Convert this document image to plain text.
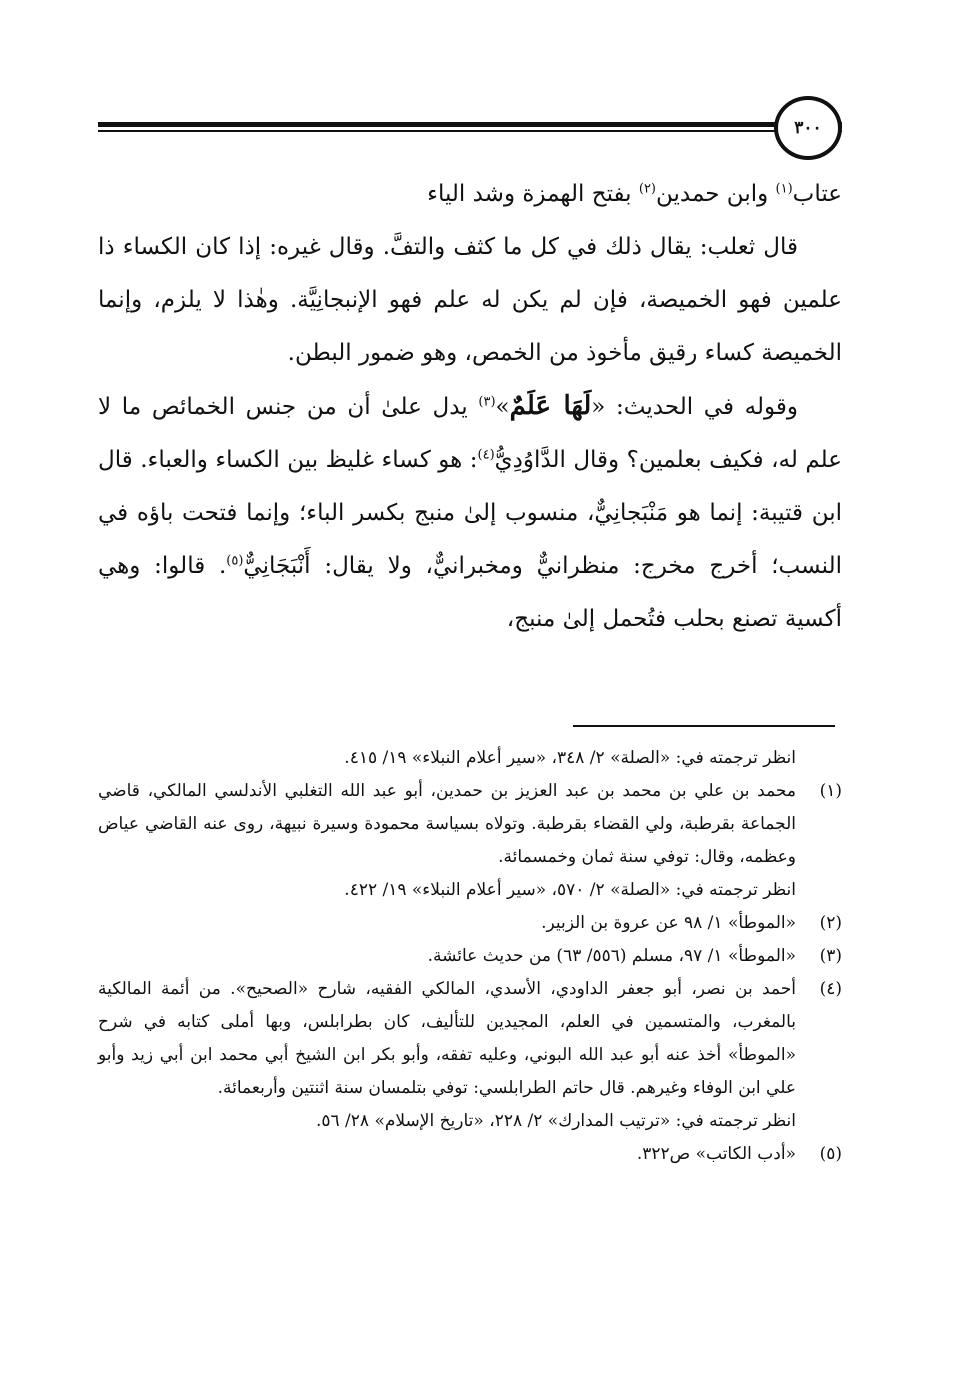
٣٠٠

عتاب$^{(١)}$ وابن حمدين$^{(٢)}$ بفتح الهمزة وشد الياء

قال ثعلب: يقال ذلك في كل ما كثف والتفَّ. وقال غيره: إذا كان الكساء ذا علمين فهو الخميصة، فإن لم يكن له علم فهو الإنبجانِيَّة. وهٰذا لا يلزم، وإنما الخميصة كساء رقيق مأخوذ من الخمص، وهو ضمور البطن.

وقوله في الحديث: «لَهَا عَلَمٌ»$^{(٣)}$ يدل علىٰ أن من جنس الخمائص ما لا علم له، فكيف بعلمين؟ وقال الدَّاوُدِيُّ$^{(٤)}$: هو كساء غليظ بين الكساء والعباء. قال ابن قتيبة: إنما هو مَنْبَجانِيٌّ، منسوب إلىٰ منبج بكسر الباء؛ وإنما فتحت باؤه في النسب؛ أخرج مخرج: منظرانيٌّ ومخبرانيٌّ، ولا يقال: أَنْبَجَانِيٌّ$^{(٥)}$. قالوا: وهي أكسية تصنع بحلب فتُحمل إلىٰ منبج،

انظر ترجمته في: «الصلة» ٢/ ٣٤٨، «سير أعلام النبلاء» ١٩/ ٤١٥.

(١)

محمد بن علي بن محمد بن عبد العزيز بن حمدين، أبو عبد الله التغلبي الأندلسي المالكي، قاضي الجماعة بقرطبة، ولي القضاء بقرطبة. وتولاه بسياسة محمودة وسيرة نبيهة، روى عنه القاضي عياض وعظمه، وقال: توفي سنة ثمان وخمسمائة.

انظر ترجمته في: «الصلة» ٢/ ٥٧٠، «سير أعلام النبلاء» ١٩/ ٤٢٢.

(٢)

«الموطأ» ١/ ٩٨ عن عروة بن الزبير.

(٣)

«الموطأ» ١/ ٩٧، مسلم (٥٥٦/ ٦٣) من حديث عائشة.

(٤)

أحمد بن نصر، أبو جعفر الداودي، الأسدي، المالكي الفقيه، شارح «الصحيح». من أئمة المالكية بالمغرب، والمتسمين في العلم، المجيدين للتأليف، كان بطرابلس، وبها أملى كتابه في شرح «الموطأ» أخذ عنه أبو عبد الله البوني، وعليه تفقه، وأبو بكر ابن الشيخ أبي محمد ابن أبي زيد وأبو علي ابن الوفاء وغيرهم. قال حاتم الطرابلسي: توفي بتلمسان سنة اثنتين وأربعمائة.

انظر ترجمته في: «ترتيب المدارك» ٢/ ٢٢٨، «تاريخ الإسلام» ٢٨/ ٥٦.

(٥)

«أدب الكاتب» ص٣٢٢.
